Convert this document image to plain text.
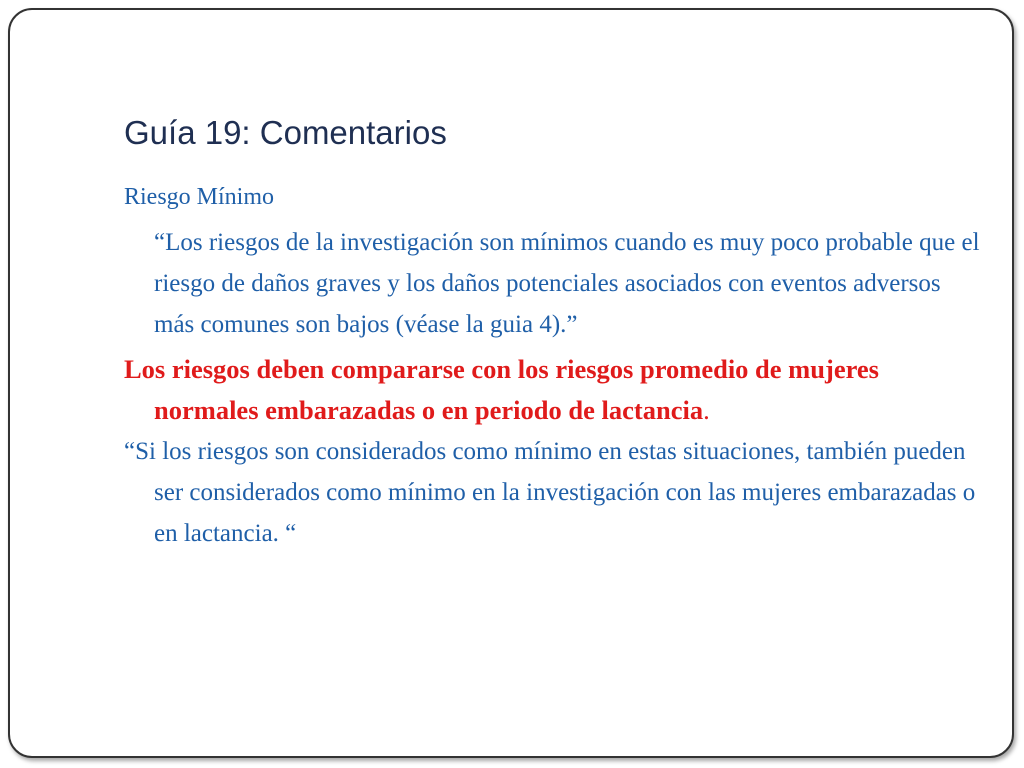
Guía 19: Comentarios

Riesgo Mínimo

“Los riesgos de la investigación son mínimos cuando es muy poco probable que el riesgo de daños graves y los daños potenciales asociados con eventos adversos más comunes son bajos (véase la guia 4).”

Los riesgos deben compararse con los riesgos promedio de mujeres normales embarazadas o en periodo de lactancia.

“Si los riesgos son considerados como mínimo en estas situaciones, también pueden ser considerados como mínimo en la investigación con las mujeres embarazadas o en lactancia. “
